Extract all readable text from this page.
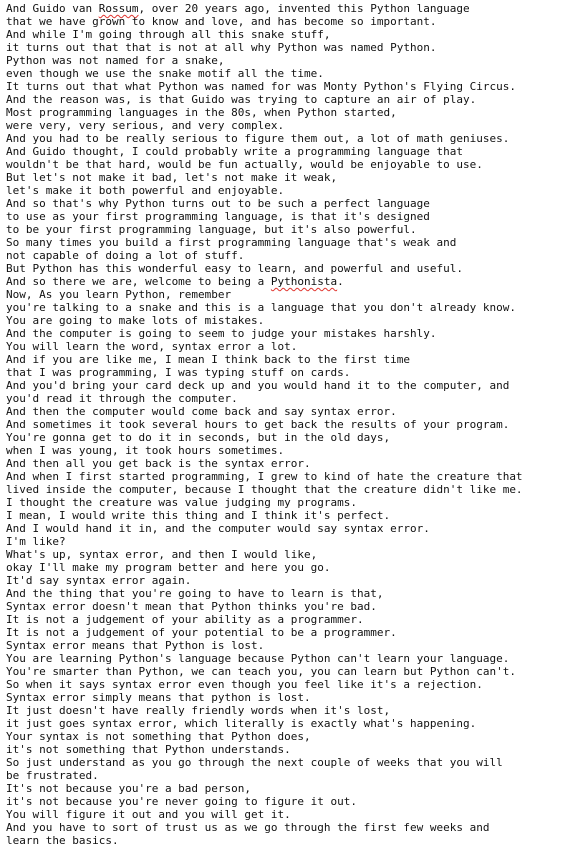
And Guido van Rossum, over 20 years ago, invented this Python language
that we have grown to know and love, and has become so important.
And while I'm going through all this snake stuff,
it turns out that that is not at all why Python was named Python.
Python was not named for a snake,
even though we use the snake motif all the time.
It turns out that what Python was named for was Monty Python's Flying Circus.
And the reason was, is that Guido was trying to capture an air of play.
Most programming languages in the 80s, when Python started,
were very, very serious, and very complex.
And you had to be really serious to figure them out, a lot of math geniuses.
And Guido thought, I could probably write a programming language that
wouldn't be that hard, would be fun actually, would be enjoyable to use.
But let's not make it bad, let's not make it weak,
let's make it both powerful and enjoyable.
And so that's why Python turns out to be such a perfect language
to use as your first programming language, is that it's designed
to be your first programming language, but it's also powerful.
So many times you build a first programming language that's weak and
not capable of doing a lot of stuff.
But Python has this wonderful easy to learn, and powerful and useful.
And so there we are, welcome to being a Pythonista.
Now, As you learn Python, remember
you're talking to a snake and this is a language that you don't already know.
You are going to make lots of mistakes.
And the computer is going to seem to judge your mistakes harshly.
You will learn the word, syntax error a lot.
And if you are like me, I mean I think back to the first time
that I was programming, I was typing stuff on cards.
And you'd bring your card deck up and you would hand it to the computer, and
you'd read it through the computer.
And then the computer would come back and say syntax error.
And sometimes it took several hours to get back the results of your program.
You're gonna get to do it in seconds, but in the old days,
when I was young, it took hours sometimes.
And then all you get back is the syntax error.
And when I first started programming, I grew to kind of hate the creature that
lived inside the computer, because I thought that the creature didn't like me.
I thought the creature was value judging my programs.
I mean, I would write this thing and I think it's perfect.
And I would hand it in, and the computer would say syntax error.
I'm like?
What's up, syntax error, and then I would like,
okay I'll make my program better and here you go.
It'd say syntax error again.
And the thing that you're going to have to learn is that,
Syntax error doesn't mean that Python thinks you're bad.
It is not a judgement of your ability as a programmer.
It is not a judgement of your potential to be a programmer.
Syntax error means that Python is lost.
You are learning Python's language because Python can't learn your language.
You're smarter than Python, we can teach you, you can learn but Python can't.
So when it says syntax error even though you feel like it's a rejection.
Syntax error simply means that python is lost.
It just doesn't have really friendly words when it's lost,
it just goes syntax error, which literally is exactly what's happening.
Your syntax is not something that Python does,
it's not something that Python understands.
So just understand as you go through the next couple of weeks that you will
be frustrated.
It's not because you're a bad person,
it's not because you're never going to figure it out.
You will figure it out and you will get it.
And you have to sort of trust us as we go through the first few weeks and
learn the basics.
